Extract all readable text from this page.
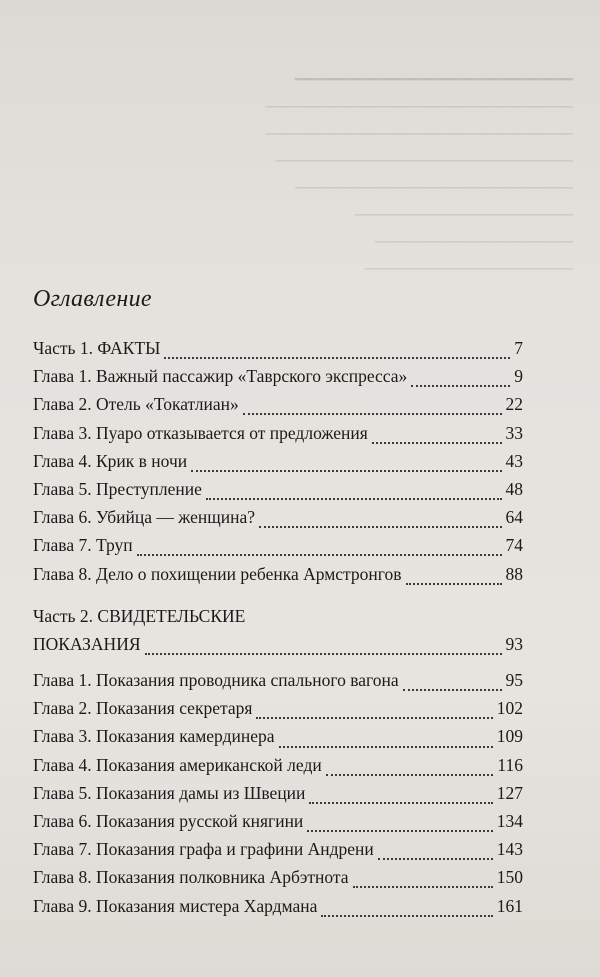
━━━━━━━━━━━━━━━━━━━━━━━━━━━━━━━━━
───────────────────────────────
───────────────────────────────
──────────────────────────────
────────────────────────────
──────────────────────
────────────────────
─────────────────────

Оглавление
Часть 1. ФАКТЫ	7
Глава 1. Важный пассажир «Таврского экспресса»	9
Глава 2. Отель «Токатлиан»	22
Глава 3. Пуаро отказывается от предложения	33
Глава 4. Крик в ночи	43
Глава 5. Преступление	48
Глава 6. Убийца — женщина?	64
Глава 7. Труп	74
Глава 8. Дело о похищении ребенка Армстронгов	88
Часть 2. СВИДЕТЕЛЬСКИЕ
ПОКАЗАНИЯ	93
Глава 1. Показания проводника спального вагона	95
Глава 2. Показания секретаря	102
Глава 3. Показания камердинера	109
Глава 4. Показания американской леди	116
Глава 5. Показания дамы из Швеции	127
Глава 6. Показания русской княгини	134
Глава 7. Показания графа и графини Андрени	143
Глава 8. Показания полковника Арбэтнота	150
Глава 9. Показания мистера Хардмана	161
